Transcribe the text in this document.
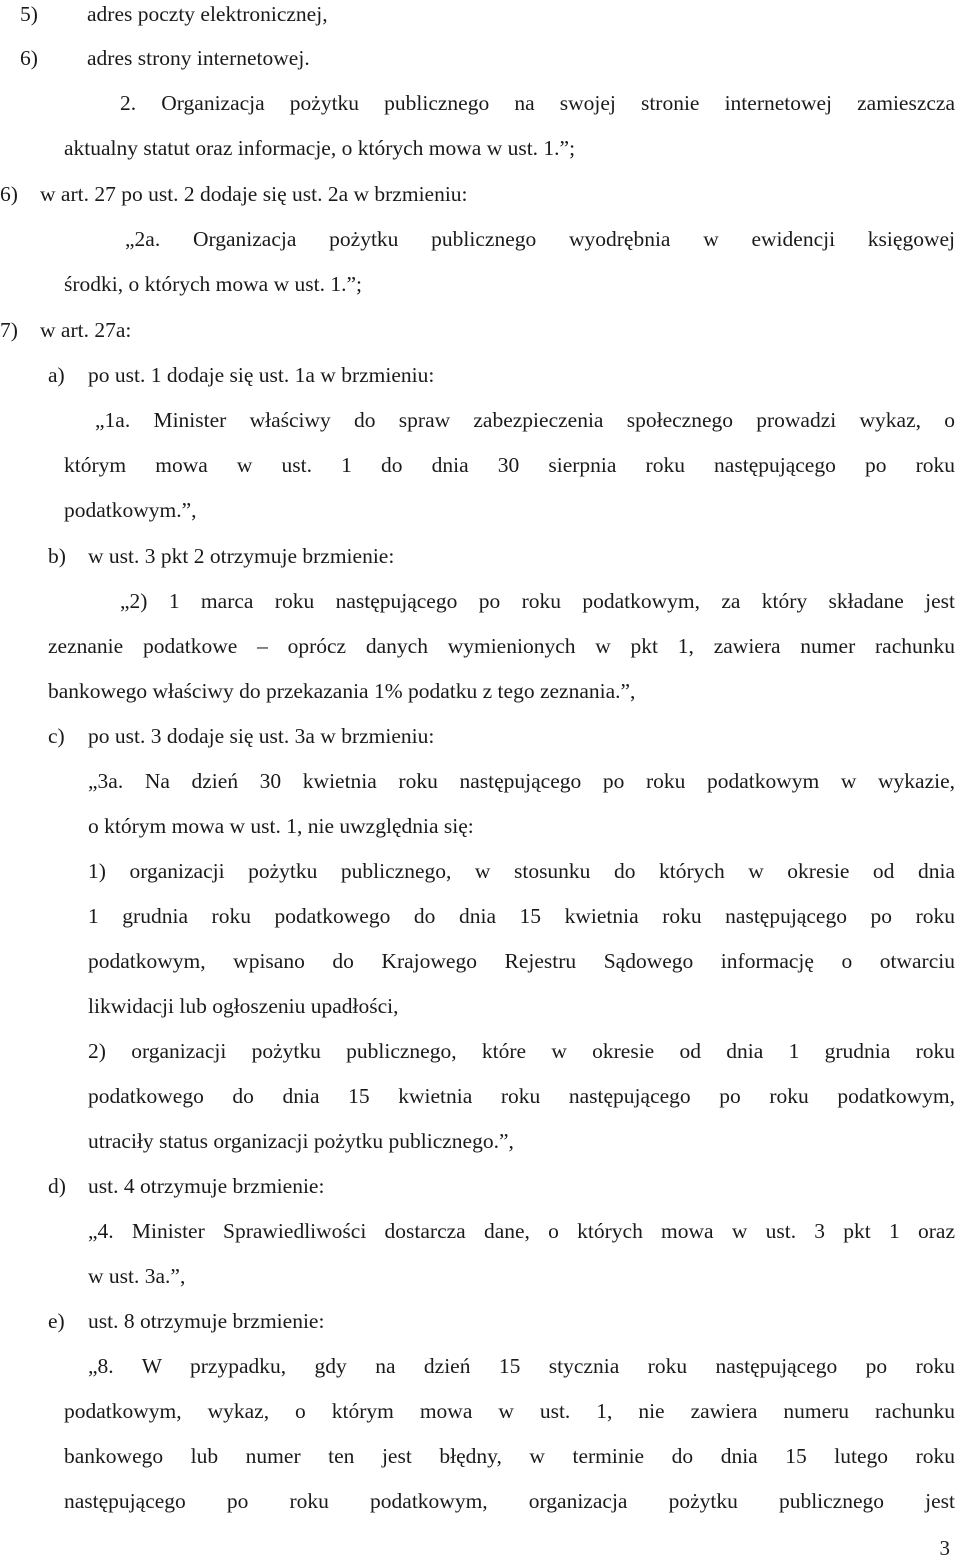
5) adres poczty elektronicznej,
6) adres strony internetowej.
2. Organizacja pożytku publicznego na swojej stronie internetowej zamieszcza
aktualny statut oraz informacje, o których mowa w ust. 1.”;
6) w art. 27 po ust. 2 dodaje się ust. 2a w brzmieniu:
„2a. Organizacja pożytku publicznego wyodrębnia w ewidencji księgowej
środki, o których mowa w ust. 1.”;
7) w art. 27a:
a) po ust. 1 dodaje się ust. 1a w brzmieniu:
„1a. Minister właściwy do spraw zabezpieczenia społecznego prowadzi wykaz, o
którym mowa w ust. 1 do dnia 30 sierpnia roku następującego po roku
podatkowym.”,
b) w ust. 3 pkt 2 otrzymuje brzmienie:
„2) 1 marca roku następującego po roku podatkowym, za który składane jest
zeznanie podatkowe – oprócz danych wymienionych w pkt 1, zawiera numer rachunku
bankowego właściwy do przekazania 1% podatku z tego zeznania.”,
c) po ust. 3 dodaje się ust. 3a w brzmieniu:
„3a. Na dzień 30 kwietnia roku następującego po roku podatkowym w wykazie,
o którym mowa w ust. 1, nie uwzględnia się:
1) organizacji pożytku publicznego, w stosunku do których w okresie od dnia
1 grudnia roku podatkowego do dnia 15 kwietnia roku następującego po roku
podatkowym, wpisano do Krajowego Rejestru Sądowego informację o otwarciu
likwidacji lub ogłoszeniu upadłości,
2) organizacji pożytku publicznego, które w okresie od dnia 1 grudnia roku
podatkowego do dnia 15 kwietnia roku następującego po roku podatkowym,
utraciły status organizacji pożytku publicznego.”,
d) ust. 4 otrzymuje brzmienie:
„4. Minister Sprawiedliwości dostarcza dane, o których mowa w ust. 3 pkt 1 oraz
w ust. 3a.”,
e) ust. 8 otrzymuje brzmienie:
„8. W przypadku, gdy na dzień 15 stycznia roku następującego po roku
podatkowym, wykaz, o którym mowa w ust. 1, nie zawiera numeru rachunku
bankowego lub numer ten jest błędny, w terminie do dnia 15 lutego roku
następującego po roku podatkowym, organizacja pożytku publicznego jest
3
